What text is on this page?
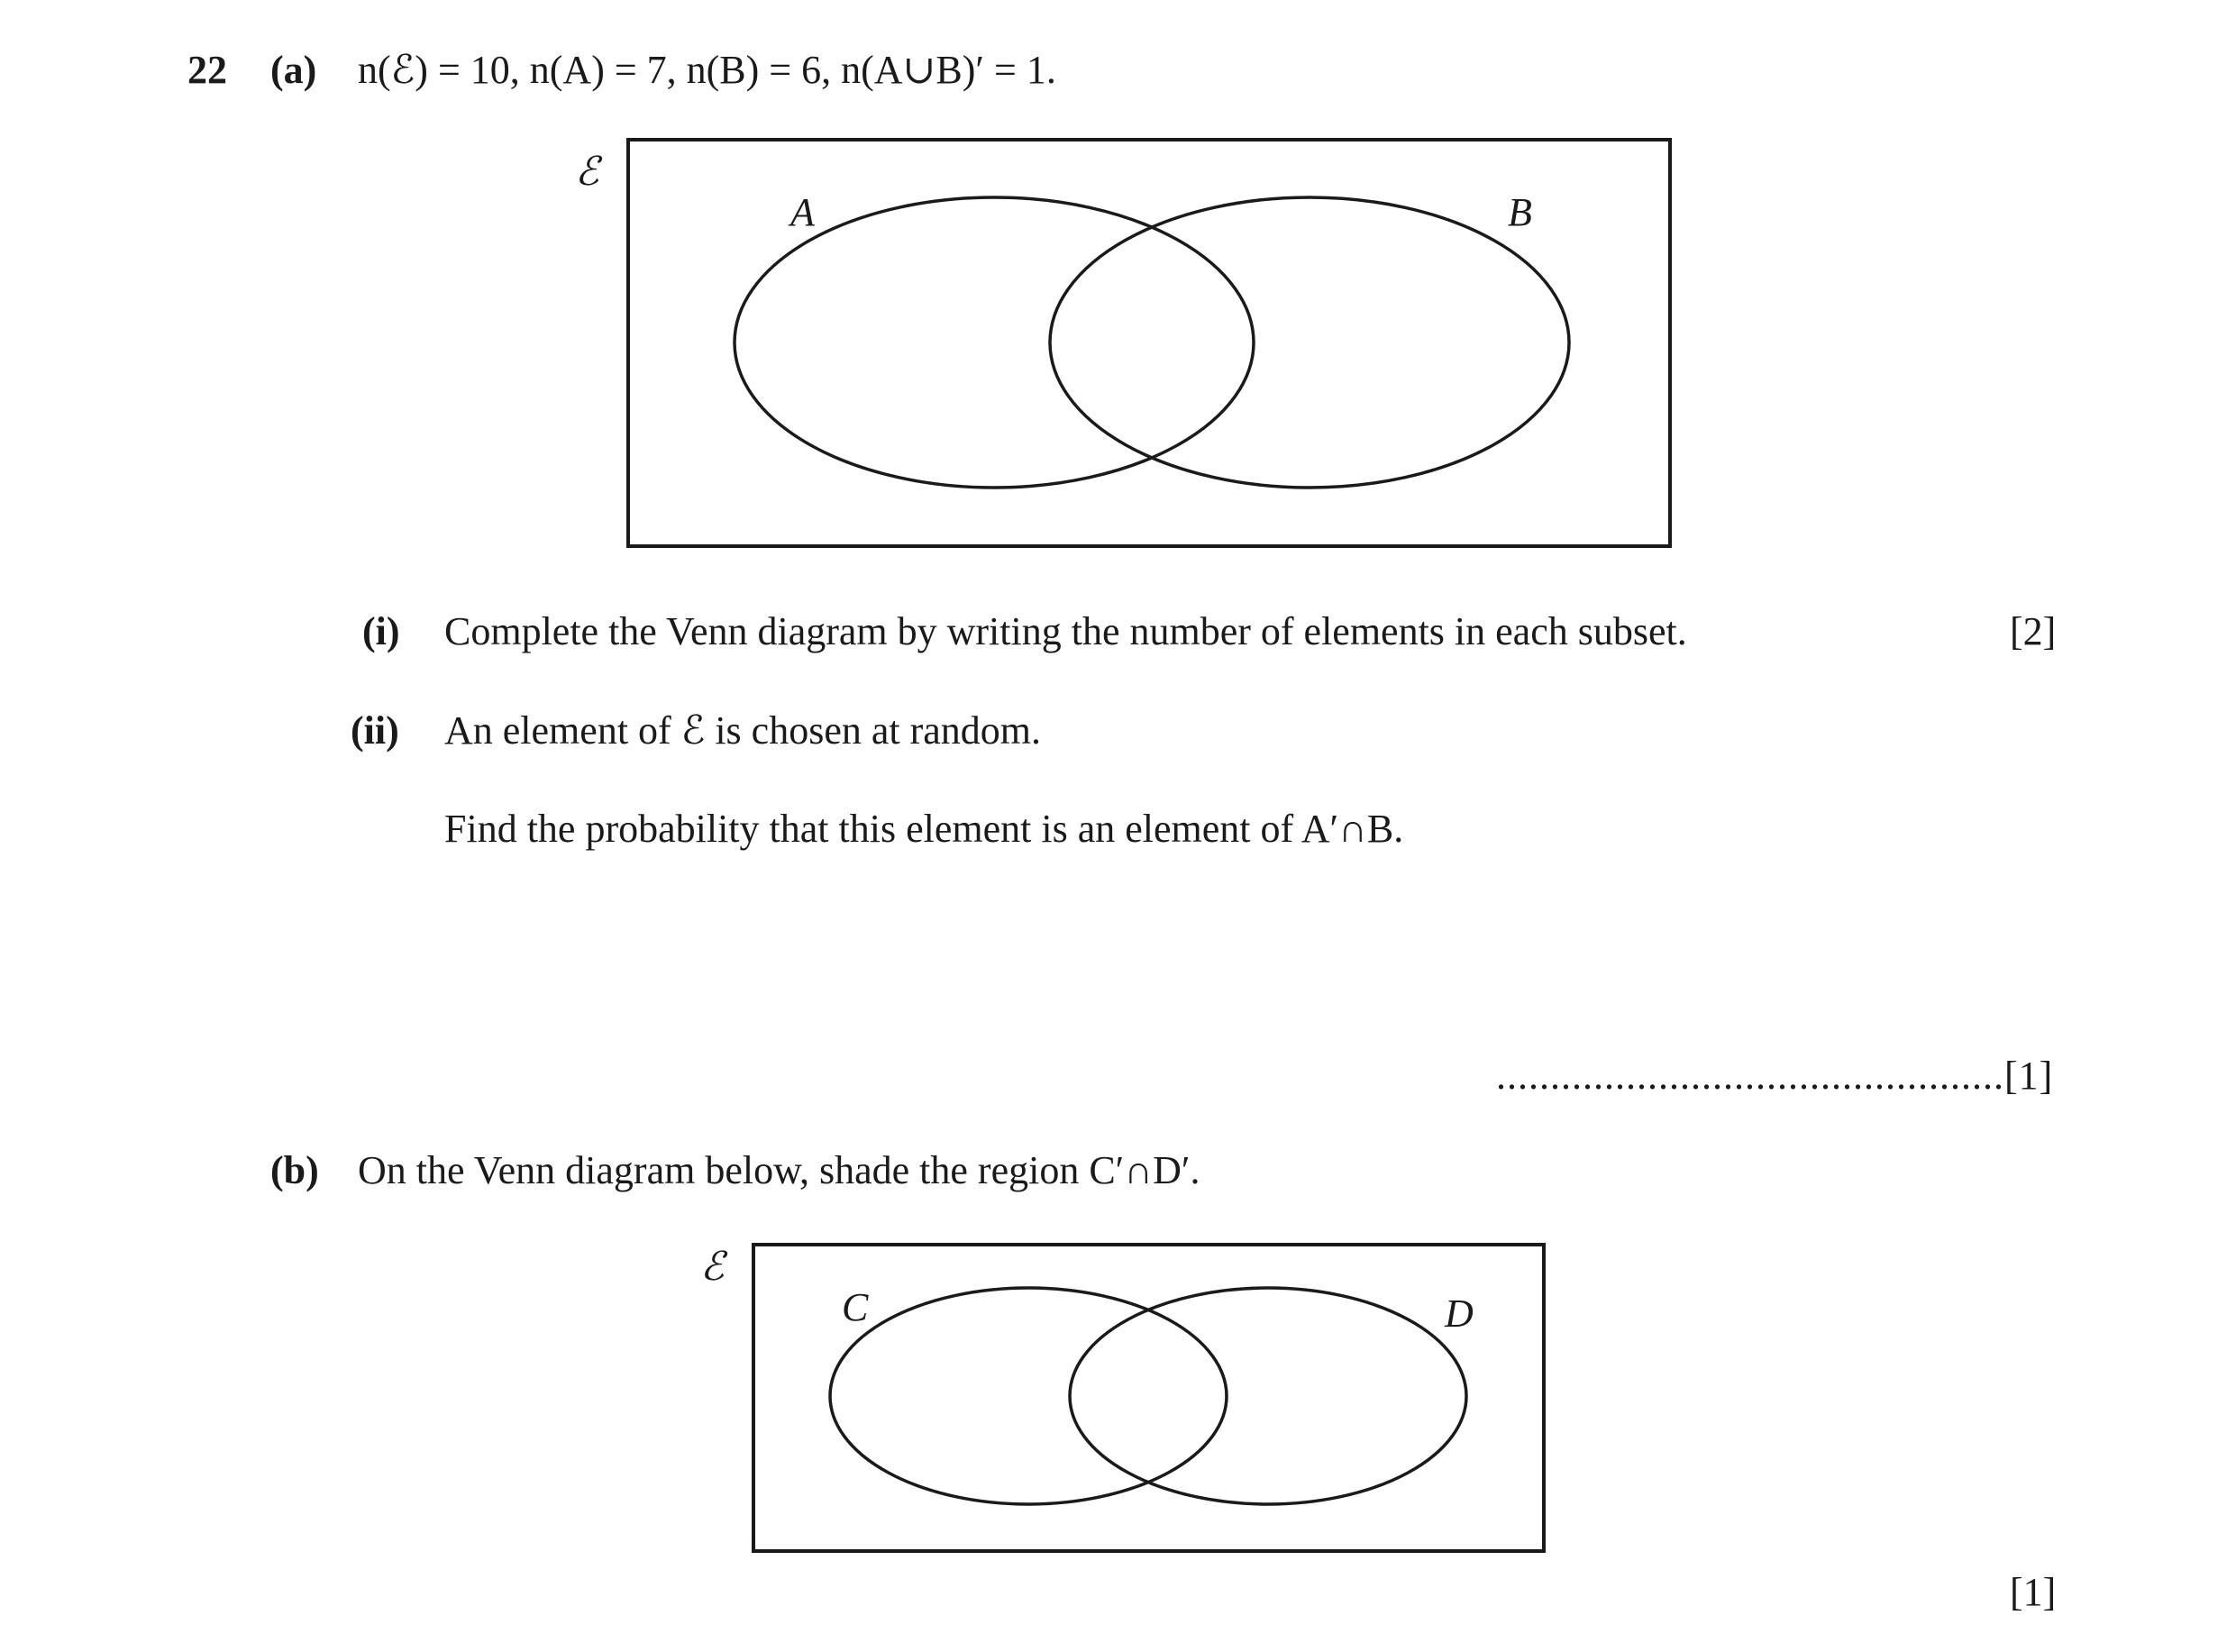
22 (a) n(ℰ) = 10, n(A) = 7, n(B) = 6, n(A∪B)′ = 1.
ℰ
A	B
(i) Complete the Venn diagram by writing the number of elements in each subset.	[2]
(ii) An element of ℰ is chosen at random.
Find the probability that this element is an element of A′∩B.
...............................................[1]
(b) On the Venn diagram below, shade the region C′∩D′.
ℰ
C	D
[1]
